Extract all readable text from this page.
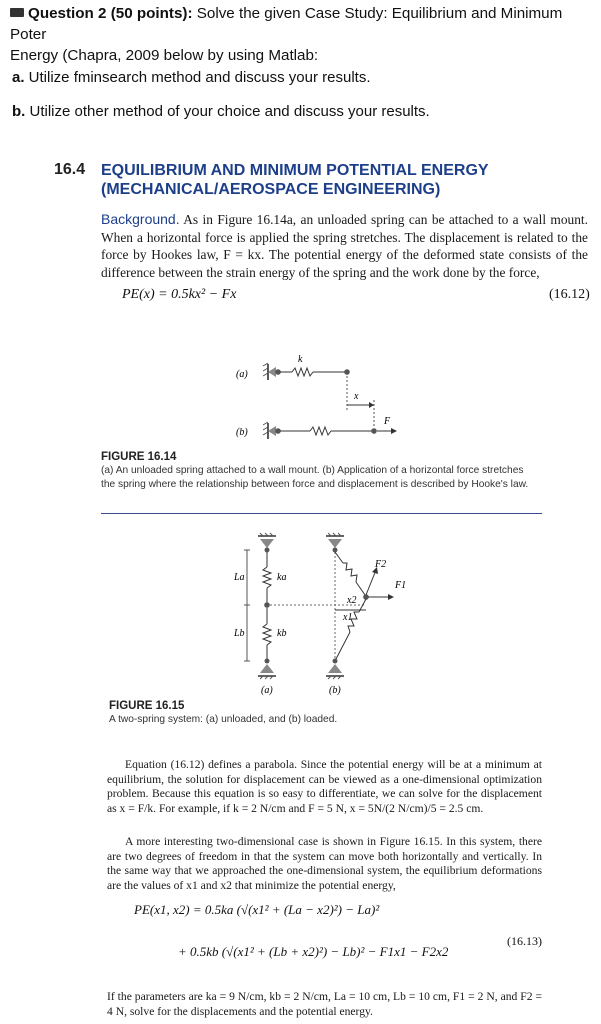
Question 2 (50 points): Solve the given Case Study: Equilibrium and Minimum Poter
Energy (Chapra, 2009 below by using Matlab:
a. Utilize fminsearch method and discuss your results.
b. Utilize other method of your choice and discuss your results.
16.4 EQUILIBRIUM AND MINIMUM POTENTIAL ENERGY
(MECHANICAL/AEROSPACE ENGINEERING)
Background. As in Figure 16.14a, an unloaded spring can be attached to a wall mount. When a horizontal force is applied the spring stretches. The displacement is related to the force by Hookes law, F = kx. The potential energy of the deformed state consists of the difference between the strain energy of the spring and the work done by the force,
PE(x) = 0.5kx² − Fx	(16.12)
(a)
(b)
k
x
F
FIGURE 16.14
(a) An unloaded spring attached to a wall mount. (b) Application of a horizontal force stretches the spring where the relationship between force and displacement is described by Hooke's law.
La
Lb
ka
kb
F2
F1
x2
x1
(a)	(b)
FIGURE 16.15
A two-spring system: (a) unloaded, and (b) loaded.
Equation (16.12) defines a parabola. Since the potential energy will be at a minimum at equilibrium, the solution for displacement can be viewed as a one-dimensional optimization problem. Because this equation is so easy to differentiate, we can solve for the displacement as x = F/k. For example, if k = 2 N/cm and F = 5 N, x = 5N/(2 N/cm)/5 = 2.5 cm.
A more interesting two-dimensional case is shown in Figure 16.15. In this system, there are two degrees of freedom in that the system can move both horizontally and vertically. In the same way that we approached the one-dimensional system, the equilibrium deformations are the values of x1 and x2 that minimize the potential energy,
PE(x1, x2) = 0.5ka (√(x1² + (La − x2)²) − La)²
+ 0.5kb (√(x1² + (Lb + x2)²) − Lb)² − F1x1 − F2x2
(16.13)
If the parameters are ka = 9 N/cm, kb = 2 N/cm, La = 10 cm, Lb = 10 cm, F1 = 2 N, and F2 = 4 N, solve for the displacements and the potential energy.
